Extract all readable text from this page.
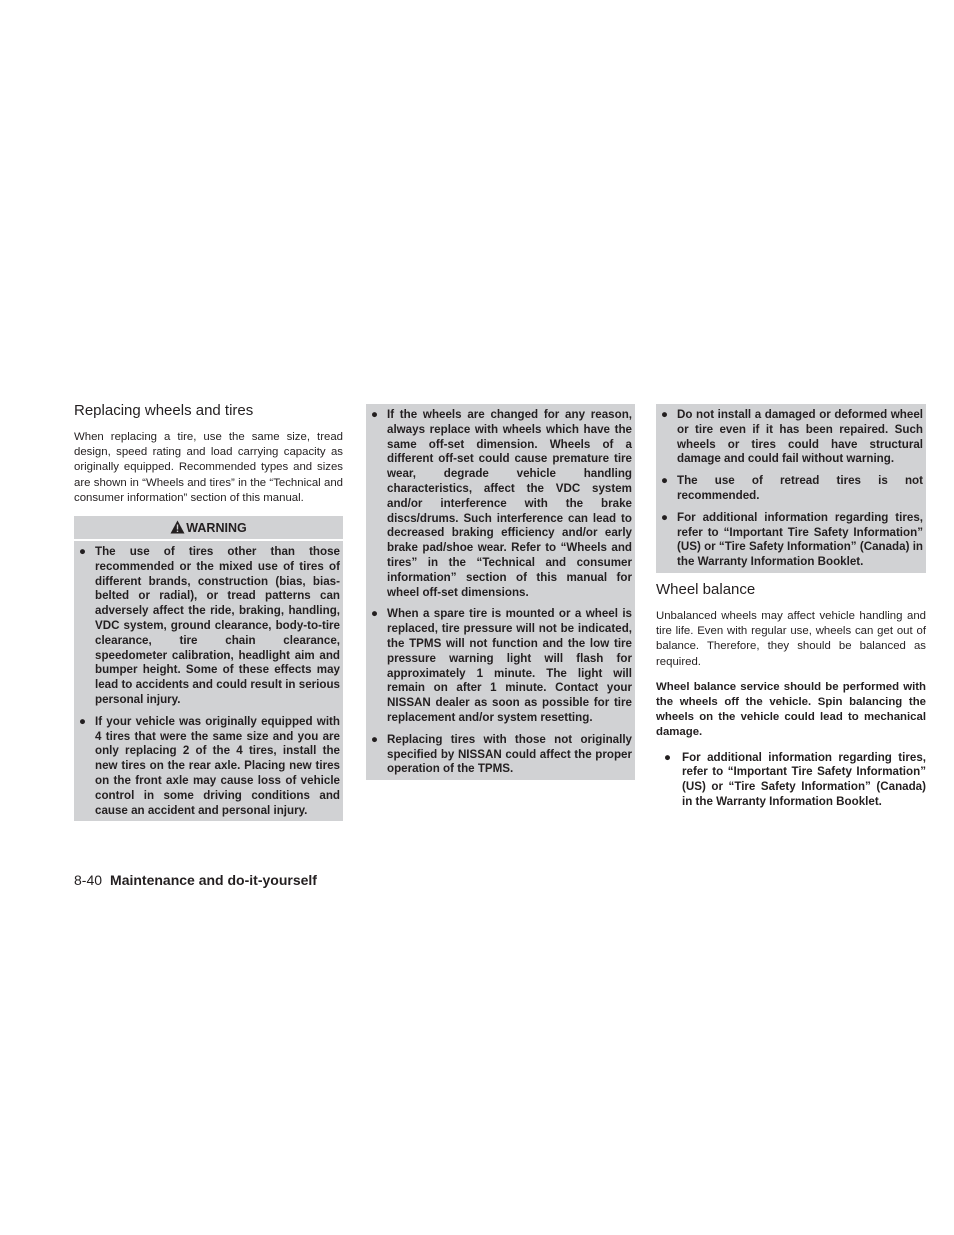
Replacing wheels and tires

When replacing a tire, use the same size, tread design, speed rating and load carrying capacity as originally equipped. Recommended types and sizes are shown in “Wheels and tires” in the “Technical and consumer information” section of this manual.

WARNING
● The use of tires other than those recommended or the mixed use of tires of different brands, construction (bias, bias-belted or radial), or tread patterns can adversely affect the ride, braking, handling, VDC system, ground clearance, body-to-tire clearance, tire chain clearance, speedometer calibration, headlight aim and bumper height. Some of these effects may lead to accidents and could result in serious personal injury.
● If your vehicle was originally equipped with 4 tires that were the same size and you are only replacing 2 of the 4 tires, install the new tires on the rear axle. Placing new tires on the front axle may cause loss of vehicle control in some driving conditions and cause an accident and personal injury.
● If the wheels are changed for any reason, always replace with wheels which have the same off-set dimension. Wheels of a different off-set could cause premature tire wear, degrade vehicle handling characteristics, affect the VDC system and/or interference with the brake discs/drums. Such interference can lead to decreased braking efficiency and/or early brake pad/shoe wear. Refer to “Wheels and tires” in the “Technical and consumer information” section of this manual for wheel off-set dimensions.
● When a spare tire is mounted or a wheel is replaced, tire pressure will not be indicated, the TPMS will not function and the low tire pressure warning light will flash for approximately 1 minute. The light will remain on after 1 minute. Contact your NISSAN dealer as soon as possible for tire replacement and/or system resetting.
● Replacing tires with those not originally specified by NISSAN could affect the proper operation of the TPMS.
● Do not install a damaged or deformed wheel or tire even if it has been repaired. Such wheels or tires could have structural damage and could fail without warning.
● The use of retread tires is not recommended.
● For additional information regarding tires, refer to “Important Tire Safety Information” (US) or “Tire Safety Information” (Canada) in the Warranty Information Booklet.
Wheel balance

Unbalanced wheels may affect vehicle handling and tire life. Even with regular use, wheels can get out of balance. Therefore, they should be balanced as required.

Wheel balance service should be performed with the wheels off the vehicle. Spin balancing the wheels on the vehicle could lead to mechanical damage.

● For additional information regarding tires, refer to “Important Tire Safety Information” (US) or “Tire Safety Information” (Canada) in the Warranty Information Booklet.
8-40 Maintenance and do-it-yourself
